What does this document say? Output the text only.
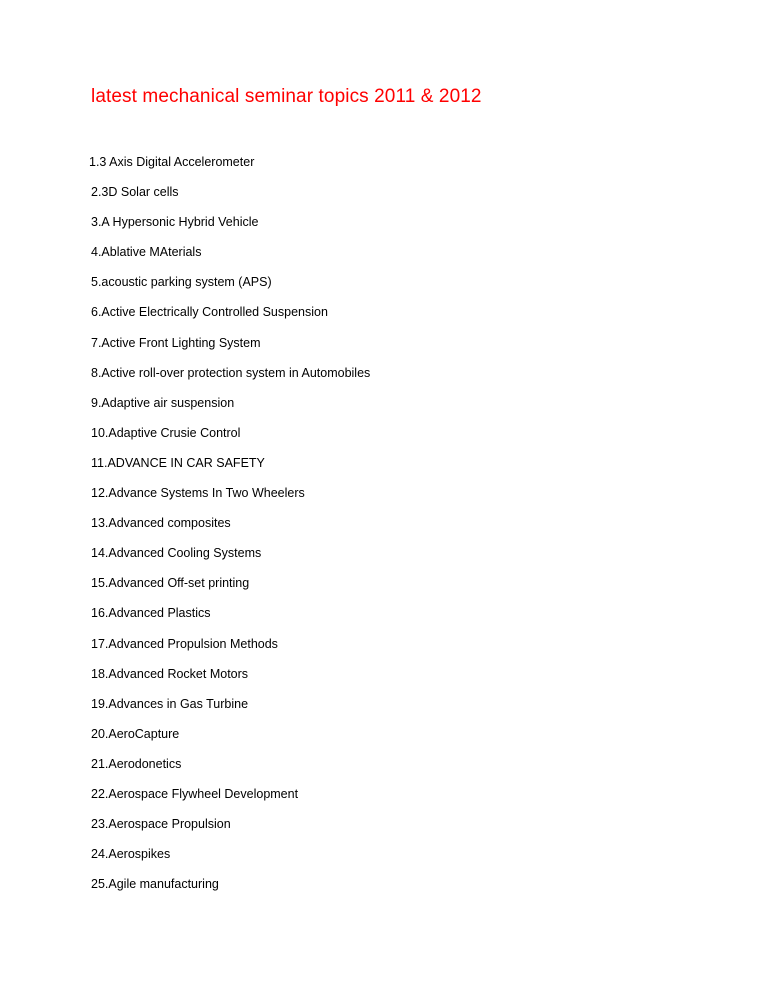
latest mechanical seminar topics 2011 & 2012
1.3 Axis Digital Accelerometer
2.3D Solar cells
3.A Hypersonic Hybrid Vehicle
4.Ablative MAterials
5.acoustic parking system (APS)
6.Active Electrically Controlled Suspension
7.Active Front Lighting System
8.Active roll-over protection system in Automobiles
9.Adaptive air suspension
10.Adaptive Crusie Control
11.ADVANCE IN CAR SAFETY
12.Advance Systems In Two Wheelers
13.Advanced composites
14.Advanced Cooling Systems
15.Advanced Off-set printing
16.Advanced Plastics
17.Advanced Propulsion Methods
18.Advanced Rocket Motors
19.Advances in Gas Turbine
20.AeroCapture
21.Aerodonetics
22.Aerospace Flywheel Development
23.Aerospace Propulsion
24.Aerospikes
25.Agile manufacturing
